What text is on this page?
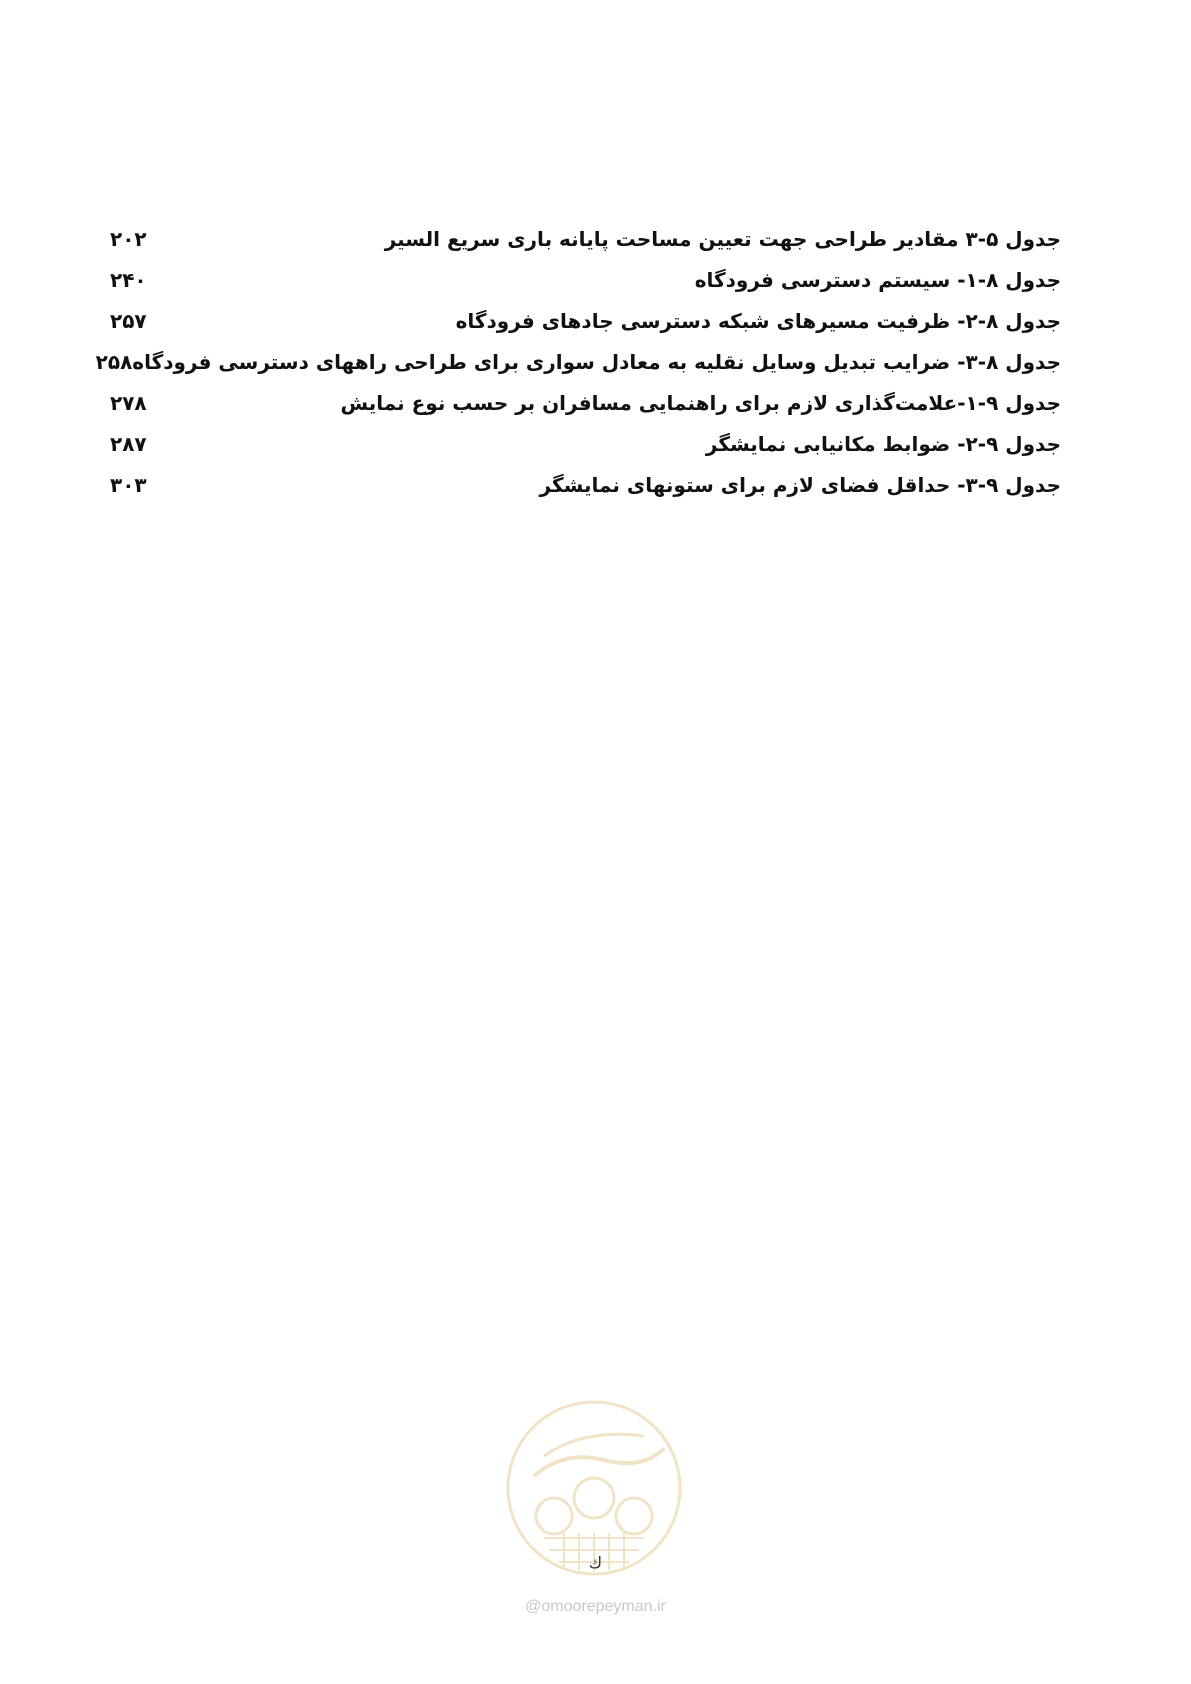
جدول ۵-۳ مقادیر طراحی جهت تعیین مساحت پایانه باری سریع السیر
۲۰۲
جدول ۸-۱- سیستم دسترسی فرودگاه
۲۴۰
جدول ۸-۲- ظرفیت مسیرهای شبکه دسترسی جادهای فرودگاه
۲۵۷
جدول ۸-۳- ضرایب تبدیل وسایل نقلیه به معادل سواری برای طراحی راههای دسترسی فرودگاه
۲۵۸
جدول ۹-۱-علامت‌گذاری لازم برای راهنمایی مسافران بر حسب نوع نمایش
۲۷۸
جدول ۹-۲- ضوابط مکانیابی نمایشگر
۲۸۷
جدول ۹-۳- حداقل فضای لازم برای ستونهای نمایشگر
۳۰۳
ك
@omoorepeyman.ir
